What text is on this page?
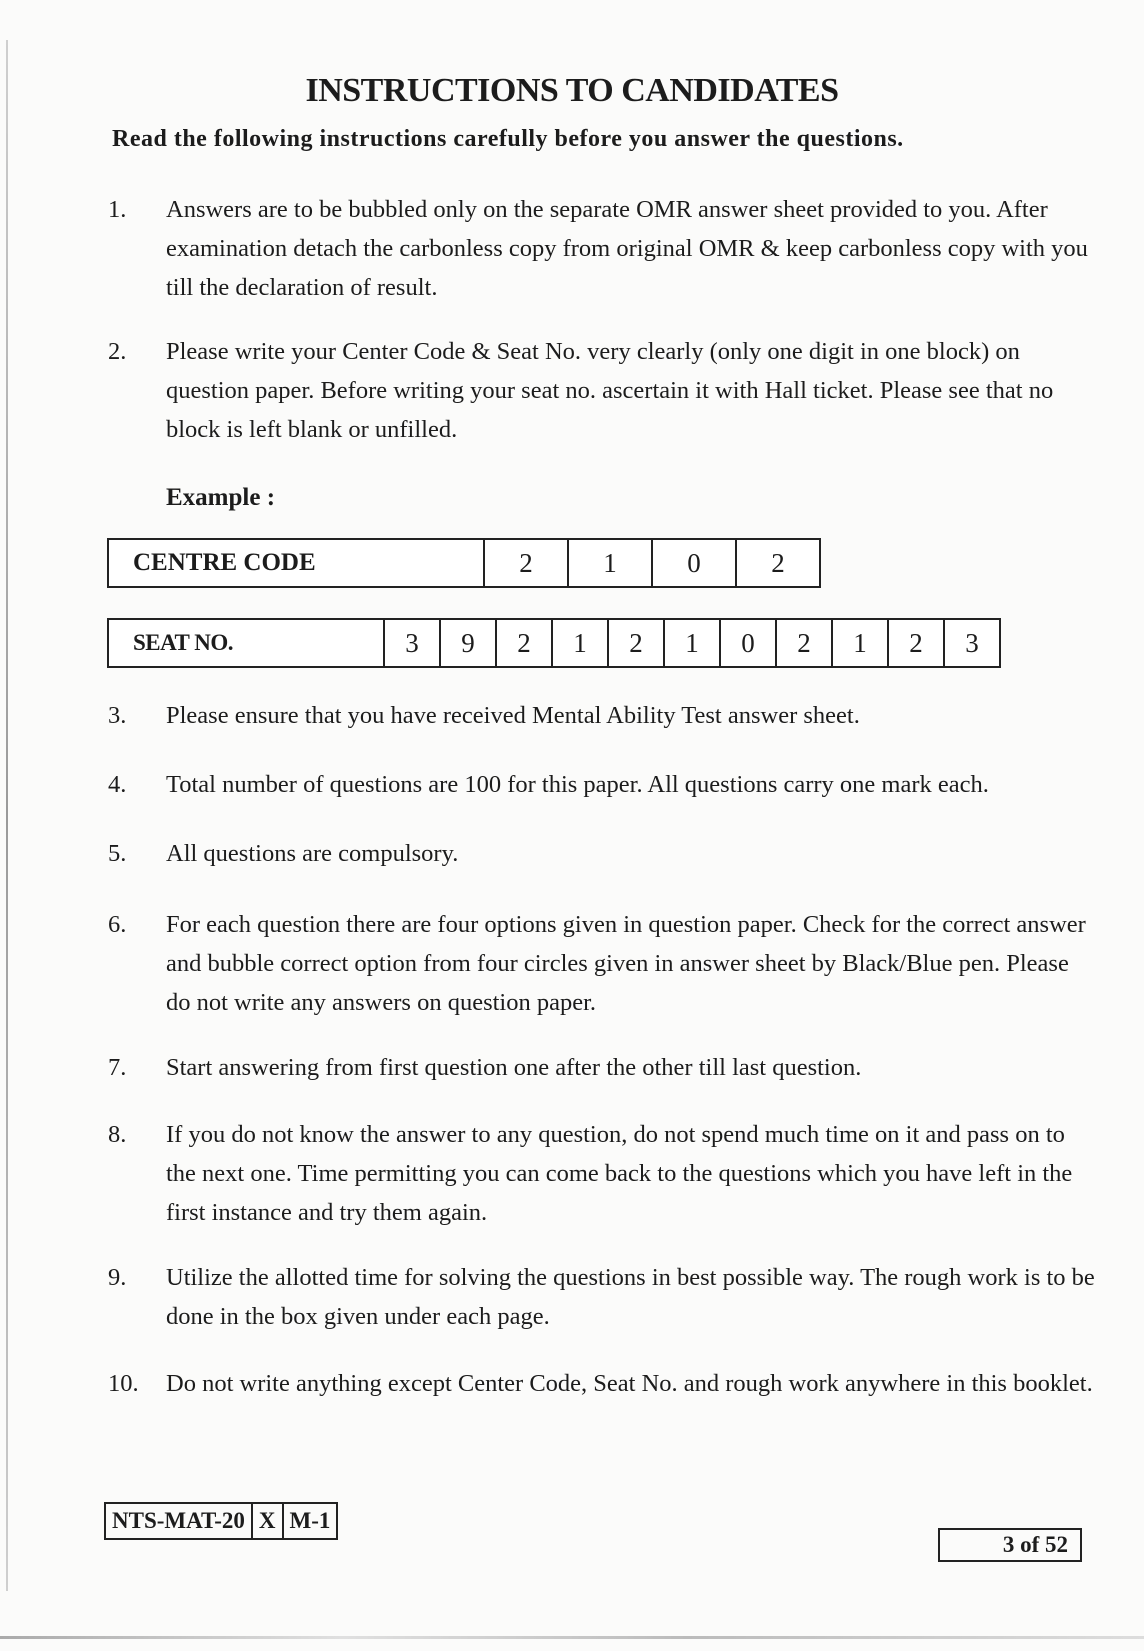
INSTRUCTIONS TO CANDIDATES
Read the following instructions carefully before you answer the questions.
1. Answers are to be bubbled only on the separate OMR answer sheet provided to you. After examination detach the carbonless copy from original OMR & keep carbonless copy with you till the declaration of result.
2. Please write your Center Code & Seat No. very clearly (only one digit in one block) on question paper. Before writing your seat no. ascertain it with Hall ticket. Please see that no block is left blank or unfilled.
Example :
CENTRE CODE	2	1	0	2
SEAT NO.	3	9	2	1	2	1	0	2	1	2	3
3. Please ensure that you have received Mental Ability Test answer sheet.
4. Total number of questions are 100 for this paper. All questions carry one mark each.
5. All questions are compulsory.
6. For each question there are four options given in question paper. Check for the correct answer and bubble correct option from four circles given in answer sheet by Black/Blue pen. Please do not write any answers on question paper.
7. Start answering from first question one after the other till last question.
8. If you do not know the answer to any question, do not spend much time on it and pass on to the next one. Time permitting you can come back to the questions which you have left in the first instance and try them again.
9. Utilize the allotted time for solving the questions in best possible way. The rough work is to be done in the box given under each page.
10. Do not write anything except Center Code, Seat No. and rough work anywhere in this booklet.
NTS-MAT-20 X M-1
3 of 52
